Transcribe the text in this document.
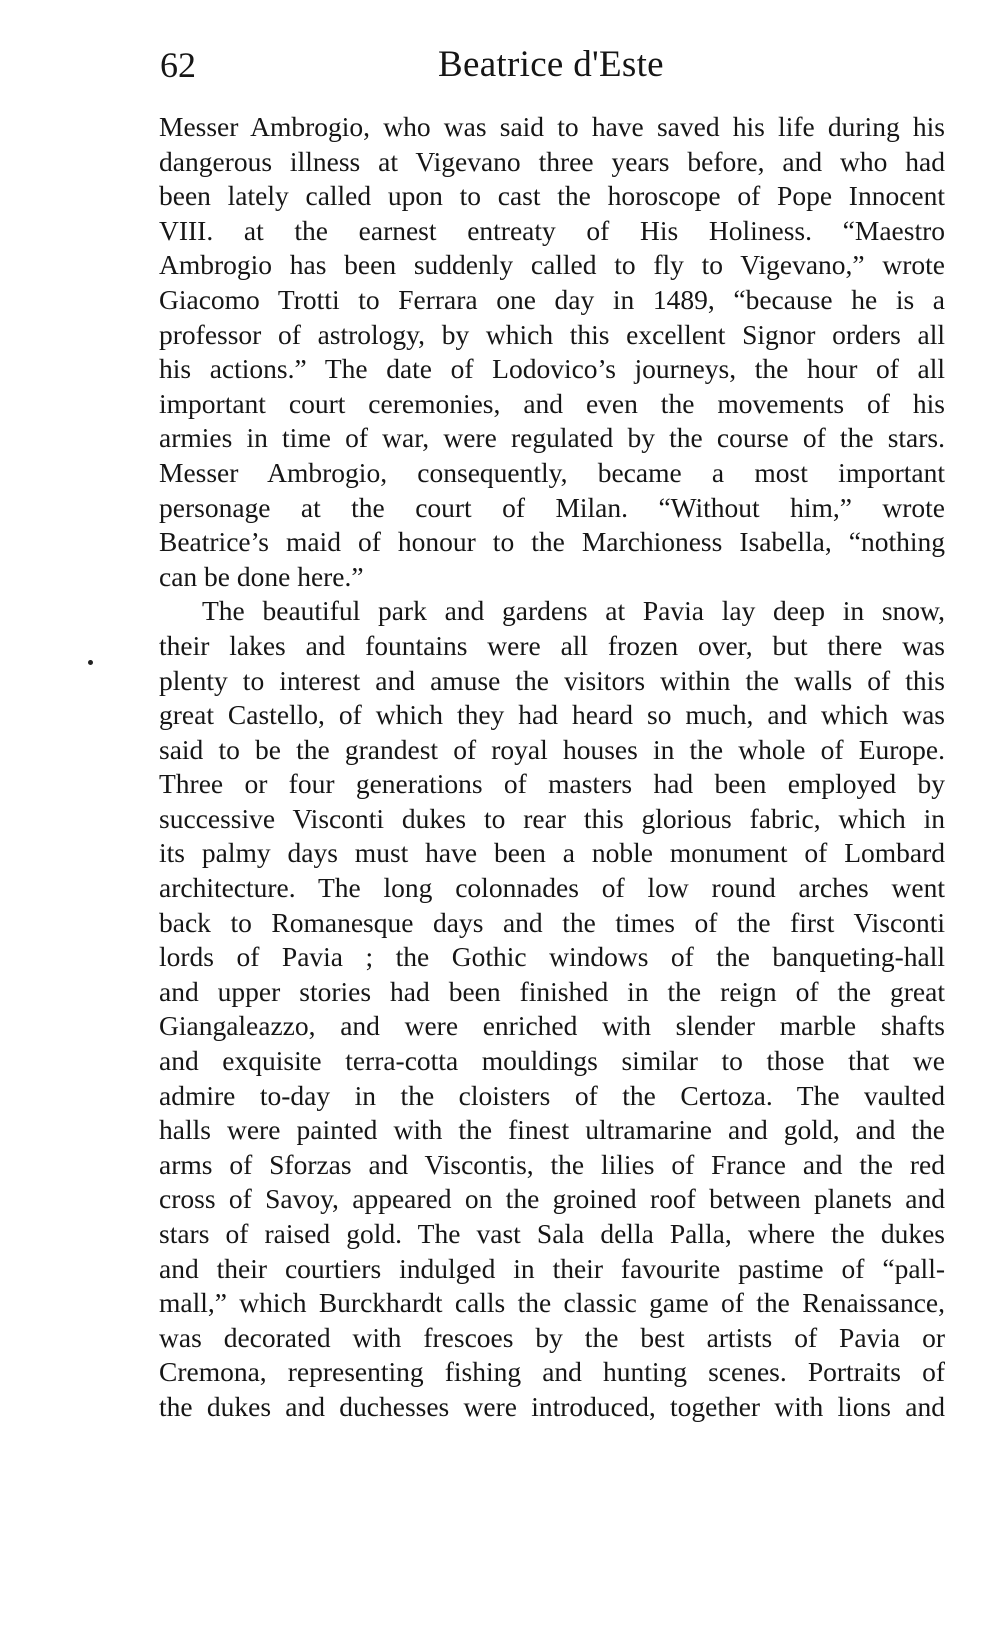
62	Beatrice d'Este
Messer Ambrogio, who was said to have saved his life during his
dangerous illness at Vigevano three years before, and who had
been lately called upon to cast the horoscope of Pope Innocent
VIII. at the earnest entreaty of His Holiness. “Maestro
Ambrogio has been suddenly called to fly to Vigevano,” wrote
Giacomo Trotti to Ferrara one day in 1489, “because he is a
professor of astrology, by which this excellent Signor orders all
his actions.” The date of Lodovico’s journeys, the hour of all
important court ceremonies, and even the movements of his
armies in time of war, were regulated by the course of the stars.
Messer Ambrogio, consequently, became a most important
personage at the court of Milan. “Without him,” wrote
Beatrice’s maid of honour to the Marchioness Isabella, “nothing
can be done here.”
The beautiful park and gardens at Pavia lay deep in snow,
their lakes and fountains were all frozen over, but there was
plenty to interest and amuse the visitors within the walls of this
great Castello, of which they had heard so much, and which was
said to be the grandest of royal houses in the whole of Europe.
Three or four generations of masters had been employed by
successive Visconti dukes to rear this glorious fabric, which in
its palmy days must have been a noble monument of Lombard
architecture. The long colonnades of low round arches went
back to Romanesque days and the times of the first Visconti
lords of Pavia ; the Gothic windows of the banqueting-hall
and upper stories had been finished in the reign of the great
Giangaleazzo, and were enriched with slender marble shafts
and exquisite terra-cotta mouldings similar to those that we
admire to-day in the cloisters of the Certoza. The vaulted
halls were painted with the finest ultramarine and gold, and the
arms of Sforzas and Viscontis, the lilies of France and the red
cross of Savoy, appeared on the groined roof between planets and
stars of raised gold. The vast Sala della Palla, where the dukes
and their courtiers indulged in their favourite pastime of “pall-
mall,” which Burckhardt calls the classic game of the Renaissance,
was decorated with frescoes by the best artists of Pavia or
Cremona, representing fishing and hunting scenes. Portraits of
the dukes and duchesses were introduced, together with lions and
